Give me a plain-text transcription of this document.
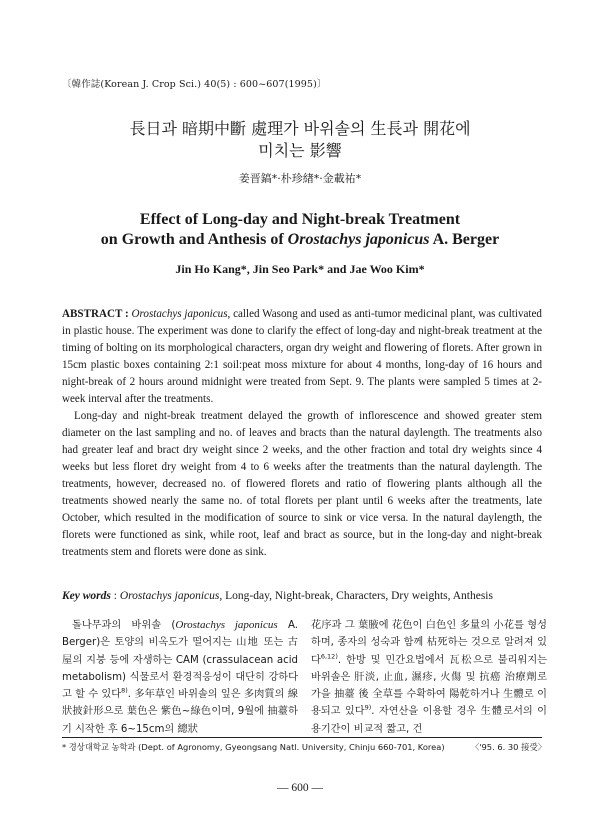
〔韓作誌(Korean J. Crop Sci.) 40(5) : 600~607(1995)〕
長日과 暗期中斷 處理가 바위솔의 生長과 開花에
미치는 影響
姜晋鎬*·朴珍緖*·金載祐*
Effect of Long-day and Night-break Treatment
on Growth and Anthesis of Orostachys japonicus A. Berger
Jin Ho Kang*, Jin Seo Park* and Jae Woo Kim*

ABSTRACT : Orostachys japonicus, called Wasong and used as anti-tumor medicinal plant, was cultivated in plastic house. The experiment was done to clarify the effect of long-day and night-break treatment at the timing of bolting on its morphological characters, organ dry weight and flowering of florets. After grown in 15cm plastic boxes containing 2:1 soil:peat moss mixture for about 4 months, long-day of 16 hours and night-break of 2 hours around midnight were treated from Sept. 9. The plants were sampled 5 times at 2-week interval after the treatments.

Long-day and night-break treatment delayed the growth of inflorescence and showed greater stem diameter on the last sampling and no. of leaves and bracts than the natural daylength. The treatments also had greater leaf and bract dry weight since 2 weeks, and the other fraction and total dry weights since 4 weeks but less floret dry weight from 4 to 6 weeks after the treatments than the natural daylength. The treatments, however, decreased no. of flowered florets and ratio of flowering plants although all the treatments showed nearly the same no. of total florets per plant until 6 weeks after the treatments, late October, which resulted in the modification of source to sink or vice versa. In the natural daylength, the florets were functioned as sink, while root, leaf and bract as source, but in the long-day and night-break treatments stem and florets were done as sink.

Key words : Orostachys japonicus, Long-day, Night-break, Characters, Dry weights, Anthesis
돌나무과의 바위솔 (Orostachys japonicus A. Berger)은 토양의 비옥도가 떨어지는 山地 또는 古屋의 지붕 등에 자생하는 CAM (crassulacean acid metabolism) 식물로서 환경적응성이 대단히 강하다고 할 수 있다$^{8)}$. 多年草인 바위솔의 잎은 多肉質의 線狀披針形으로 葉色은 紫色~綠色이며, 9월에 抽薹하기 시작한 후 6~15cm의 總狀
花序과 그 葉腋에 花色이 白色인 多量의 小花를 형성하며, 종자의 성숙과 함께 枯死하는 것으로 알려져 있다$^{6,12)}$. 한방 및 민간요법에서 瓦松으로 불리워지는 바위솔은 肝淡, 止血, 濕疹, 火傷 및 抗癌 治療劑로 가을 抽薹 後 全草를 수확하여 陽乾하거나 生體로 이용되고 있다$^{9)}$. 자연산을 이용할 경우 生體로서의 이용기간이 비교적 짧고, 건
* 경상대학교 농학과 (Dept. of Agronomy, Gyeongsang Natl. University, Chinju 660-701, Korea)	〈'95. 6. 30 接受〉
— 600 —
